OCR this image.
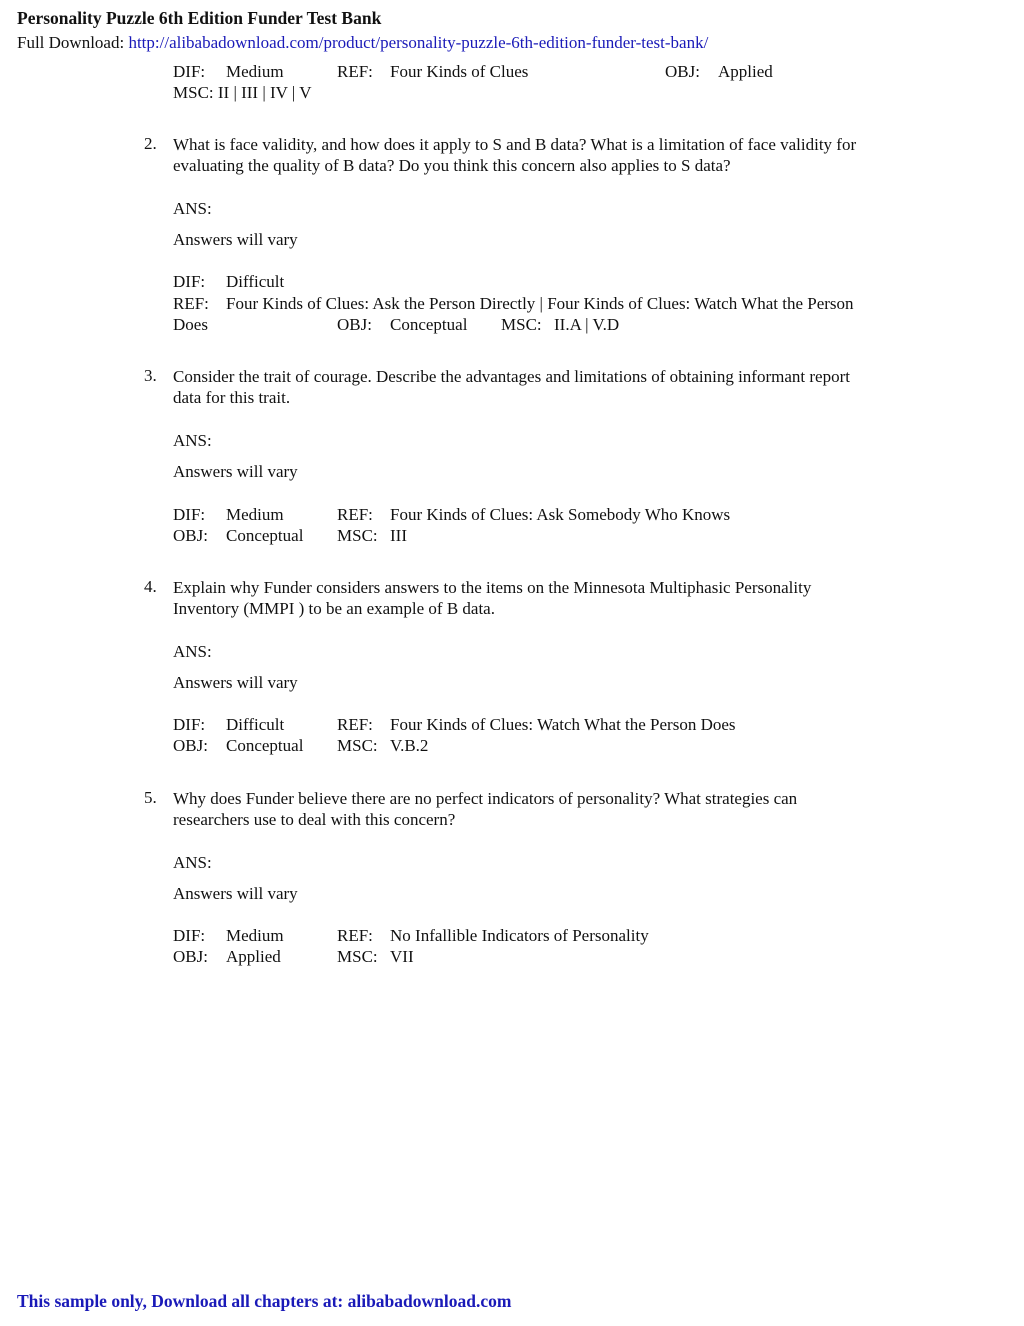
Personality Puzzle 6th Edition Funder Test Bank
Full Download: http://alibabadownload.com/product/personality-puzzle-6th-edition-funder-test-bank/
DIF: Medium	REF: Four Kinds of Clues	OBJ: Applied
MSC: II | III | IV | V
2. What is face validity, and how does it apply to S and B data? What is a limitation of face validity for
evaluating the quality of B data? Do you think this concern also applies to S data?
ANS:
Answers will vary
DIF: Difficult
REF: Four Kinds of Clues: Ask the Person Directly | Four Kinds of Clues: Watch What the Person
Does	OBJ: Conceptual MSC: II.A | V.D
3. Consider the trait of courage. Describe the advantages and limitations of obtaining informant report
data for this trait.
ANS:
Answers will vary
DIF: Medium	REF: Four Kinds of Clues: Ask Somebody Who Knows
OBJ: Conceptual MSC: III
4. Explain why Funder considers answers to the items on the Minnesota Multiphasic Personality
Inventory (MMPI ) to be an example of B data.
ANS:
Answers will vary
DIF: Difficult	REF: Four Kinds of Clues: Watch What the Person Does
OBJ: Conceptual MSC: V.B.2
5. Why does Funder believe there are no perfect indicators of personality? What strategies can
researchers use to deal with this concern?
ANS:
Answers will vary
DIF: Medium	REF: No Infallible Indicators of Personality
OBJ: Applied	MSC: VII
This sample only, Download all chapters at: alibabadownload.com
